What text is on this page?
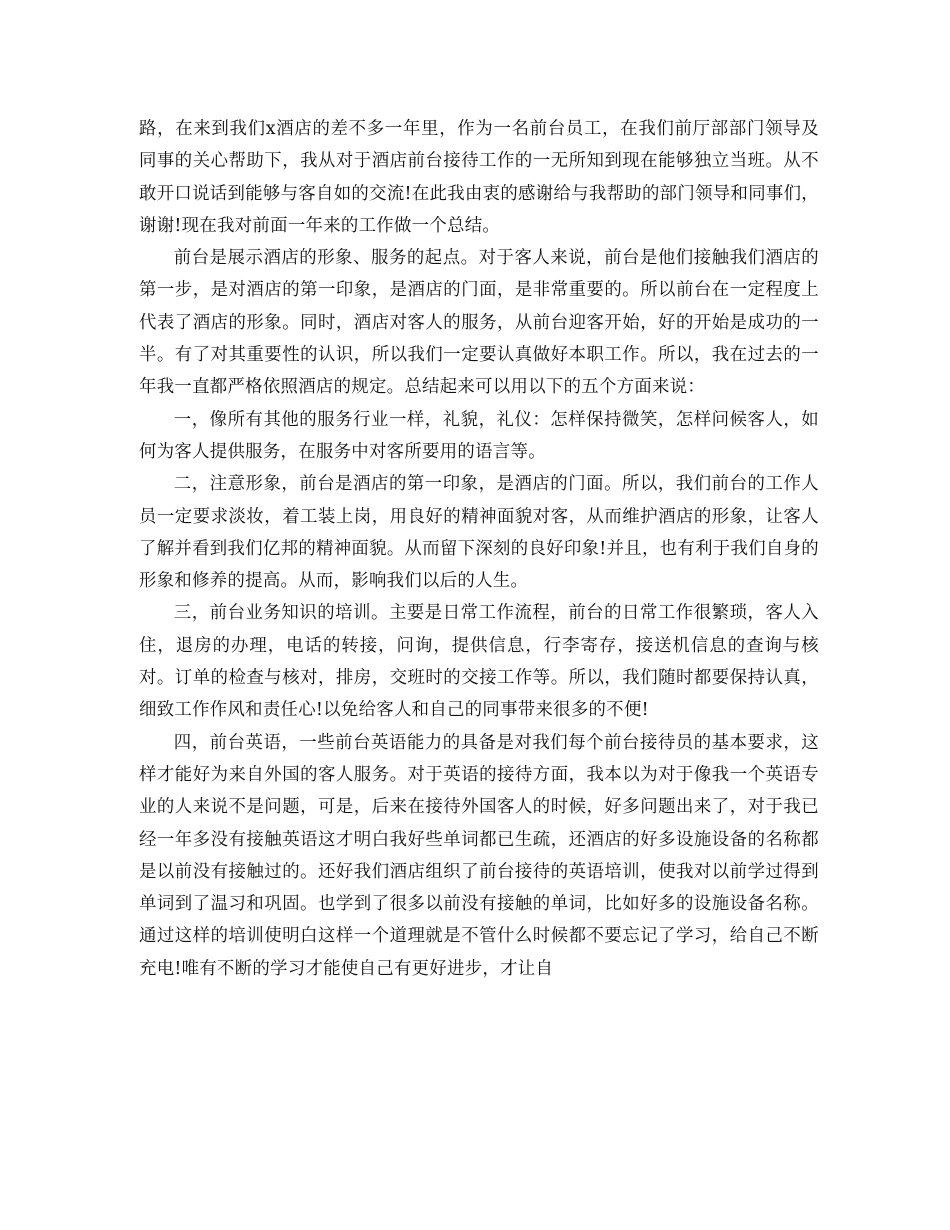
路，在来到我们x酒店的差不多一年里，作为一名前台员工，在我们前厅部部门领导及同事的关心帮助下，我从对于酒店前台接待工作的一无所知到现在能够独立当班。从不敢开口说话到能够与客自如的交流!在此我由衷的感谢给与我帮助的部门领导和同事们，谢谢!现在我对前面一年来的工作做一个总结。

前台是展示酒店的形象、服务的起点。对于客人来说，前台是他们接触我们酒店的第一步，是对酒店的第一印象，是酒店的门面，是非常重要的。所以前台在一定程度上代表了酒店的形象。同时，酒店对客人的服务，从前台迎客开始，好的开始是成功的一半。有了对其重要性的认识，所以我们一定要认真做好本职工作。所以，我在过去的一年我一直都严格依照酒店的规定。总结起来可以用以下的五个方面来说：

一，像所有其他的服务行业一样，礼貌，礼仪：怎样保持微笑，怎样问候客人，如何为客人提供服务，在服务中对客所要用的语言等。

二，注意形象，前台是酒店的第一印象，是酒店的门面。所以，我们前台的工作人员一定要求淡妆，着工装上岗，用良好的精神面貌对客，从而维护酒店的形象，让客人了解并看到我们亿邦的精神面貌。从而留下深刻的良好印象!并且，也有利于我们自身的形象和修养的提高。从而，影响我们以后的人生。

三，前台业务知识的培训。主要是日常工作流程，前台的日常工作很繁琐，客人入住，退房的办理，电话的转接，问询，提供信息，行李寄存，接送机信息的查询与核对。订单的检查与核对，排房，交班时的交接工作等。所以，我们随时都要保持认真，细致工作作风和责任心!以免给客人和自己的同事带来很多的不便!

四，前台英语，一些前台英语能力的具备是对我们每个前台接待员的基本要求，这样才能好为来自外国的客人服务。对于英语的接待方面，我本以为对于像我一个英语专业的人来说不是问题，可是，后来在接待外国客人的时候，好多问题出来了，对于我已经一年多没有接触英语这才明白我好些单词都已生疏，还酒店的好多设施设备的名称都是以前没有接触过的。还好我们酒店组织了前台接待的英语培训，使我对以前学过得到单词到了温习和巩固。也学到了很多以前没有接触的单词，比如好多的设施设备名称。通过这样的培训使明白这样一个道理就是不管什么时候都不要忘记了学习，给自己不断充电!唯有不断的学习才能使自己有更好进步，才让自
